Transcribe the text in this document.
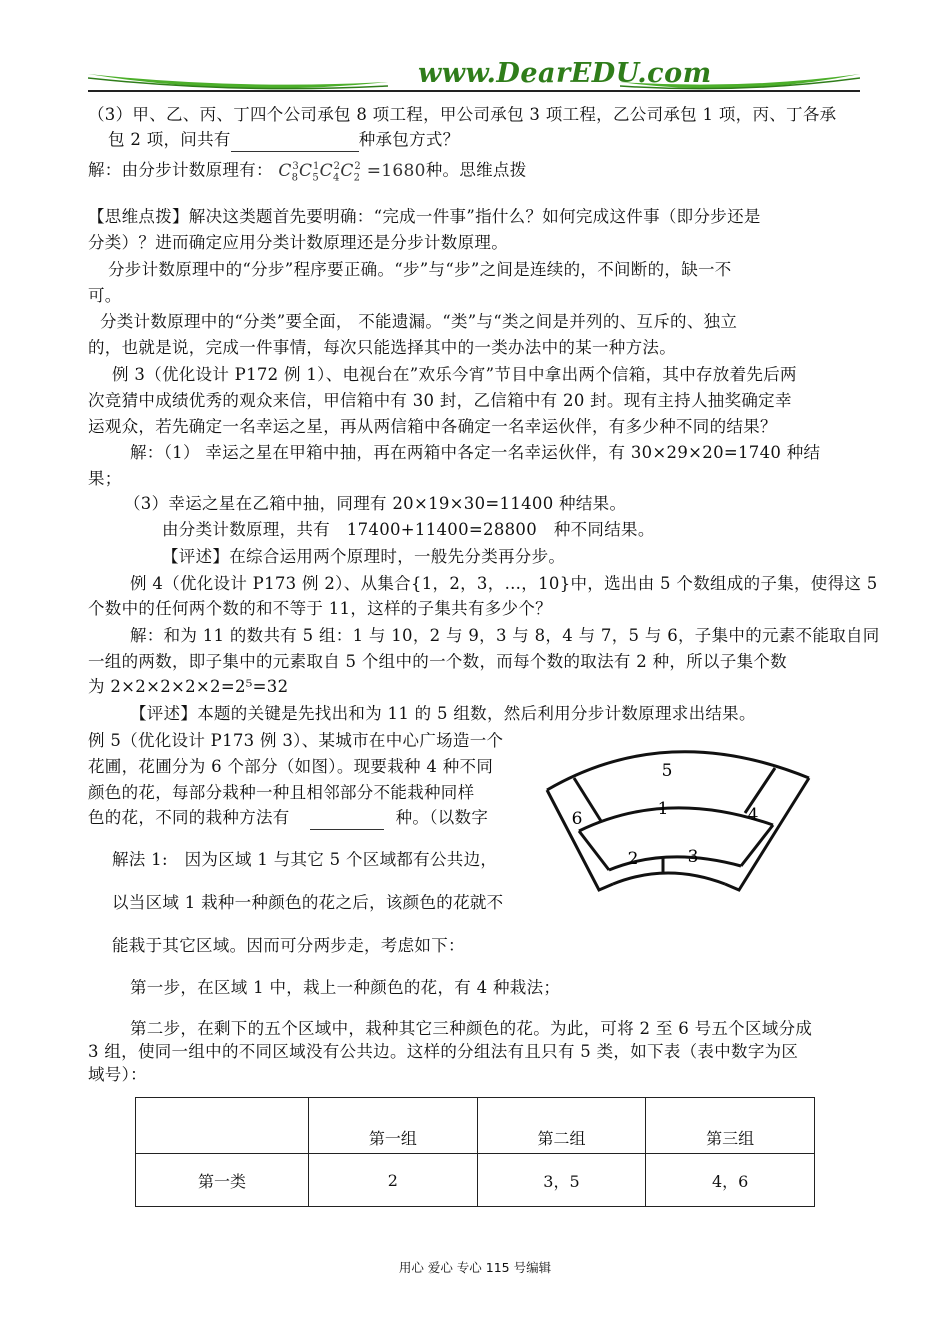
www.DearEDU.com
（3）甲、乙、丙、丁四个公司承包 8 项工程，甲公司承包 3 项工程，乙公司承包 1 项，丙、丁各承
包 2 项，问共有	种承包方式？
解：由分步计数原理有： $C_8^3C_5^1C_4^2C_2^2 =1680$种。思维点拨
【思维点拨】解决这类题首先要明确：“完成一件事”指什么？如何完成这件事（即分步还是
分类）？进而确定应用分类计数原理还是分步计数原理。
分步计数原理中的“分步”程序要正确。“步”与“步”之间是连续的，不间断的，缺一不
可。
分类计数原理中的“分类”要全面， 不能遗漏。“类”与“类之间是并列的、互斥的、独立
的，也就是说，完成一件事情，每次只能选择其中的一类办法中的某一种方法。
例 3（优化设计 P172 例 1）、电视台在”欢乐今宵”节目中拿出两个信箱，其中存放着先后两
次竞猜中成绩优秀的观众来信，甲信箱中有 30 封，乙信箱中有 20 封。现有主持人抽奖确定幸
运观众，若先确定一名幸运之星，再从两信箱中各确定一名幸运伙伴，有多少种不同的结果？
解：（1） 幸运之星在甲箱中抽，再在两箱中各定一名幸运伙伴，有 30×29×20=1740 种结
果；
（3）幸运之星在乙箱中抽，同理有 20×19×30=11400 种结果。
由分类计数原理，共有　17400+11400=28800　种不同结果。
【评述】在综合运用两个原理时，一般先分类再分步。
例 4（优化设计 P173 例 2）、从集合{1，2，3，…，10}中，选出由 5 个数组成的子集，使得这 5
个数中的任何两个数的和不等于 11，这样的子集共有多少个？
解：和为 11 的数共有 5 组：1 与 10，2 与 9，3 与 8，4 与 7，5 与 6，子集中的元素不能取自同
一组的两数，即子集中的元素取自 5 个组中的一个数，而每个数的取法有 2 种，所以子集个数
为 2×2×2×2×2=2⁵=32
【评述】本题的关键是先找出和为 11 的 5 组数，然后利用分步计数原理求出结果。
例 5（优化设计 P173 例 3）、某城市在中心广场造一个
花圃，花圃分为 6 个部分（如图）。现要栽种 4 种不同
颜色的花，每部分栽种一种且相邻部分不能栽种同样
色的花，不同的栽种方法有	种。（以数字
解法 1:　因为区域 1 与其它 5 个区域都有公共边，
以当区域 1 栽种一种颜色的花之后，该颜色的花就不
能栽于其它区域。因而可分两步走，考虑如下：
第一步，在区域 1 中，栽上一种颜色的花，有 4 种栽法；
第二步，在剩下的五个区域中，栽种其它三种颜色的花。为此，可将 2 至 6 号五个区域分成
3 组，使同一组中的不同区域没有公共边。这样的分组法有且只有 5 类，如下表（表中数字为区
域号）：
5
6	1	4
2	3
	第一组	第二组	第三组
第一类	2	3，5	4，6
用心 爱心 专心 115 号编辑
